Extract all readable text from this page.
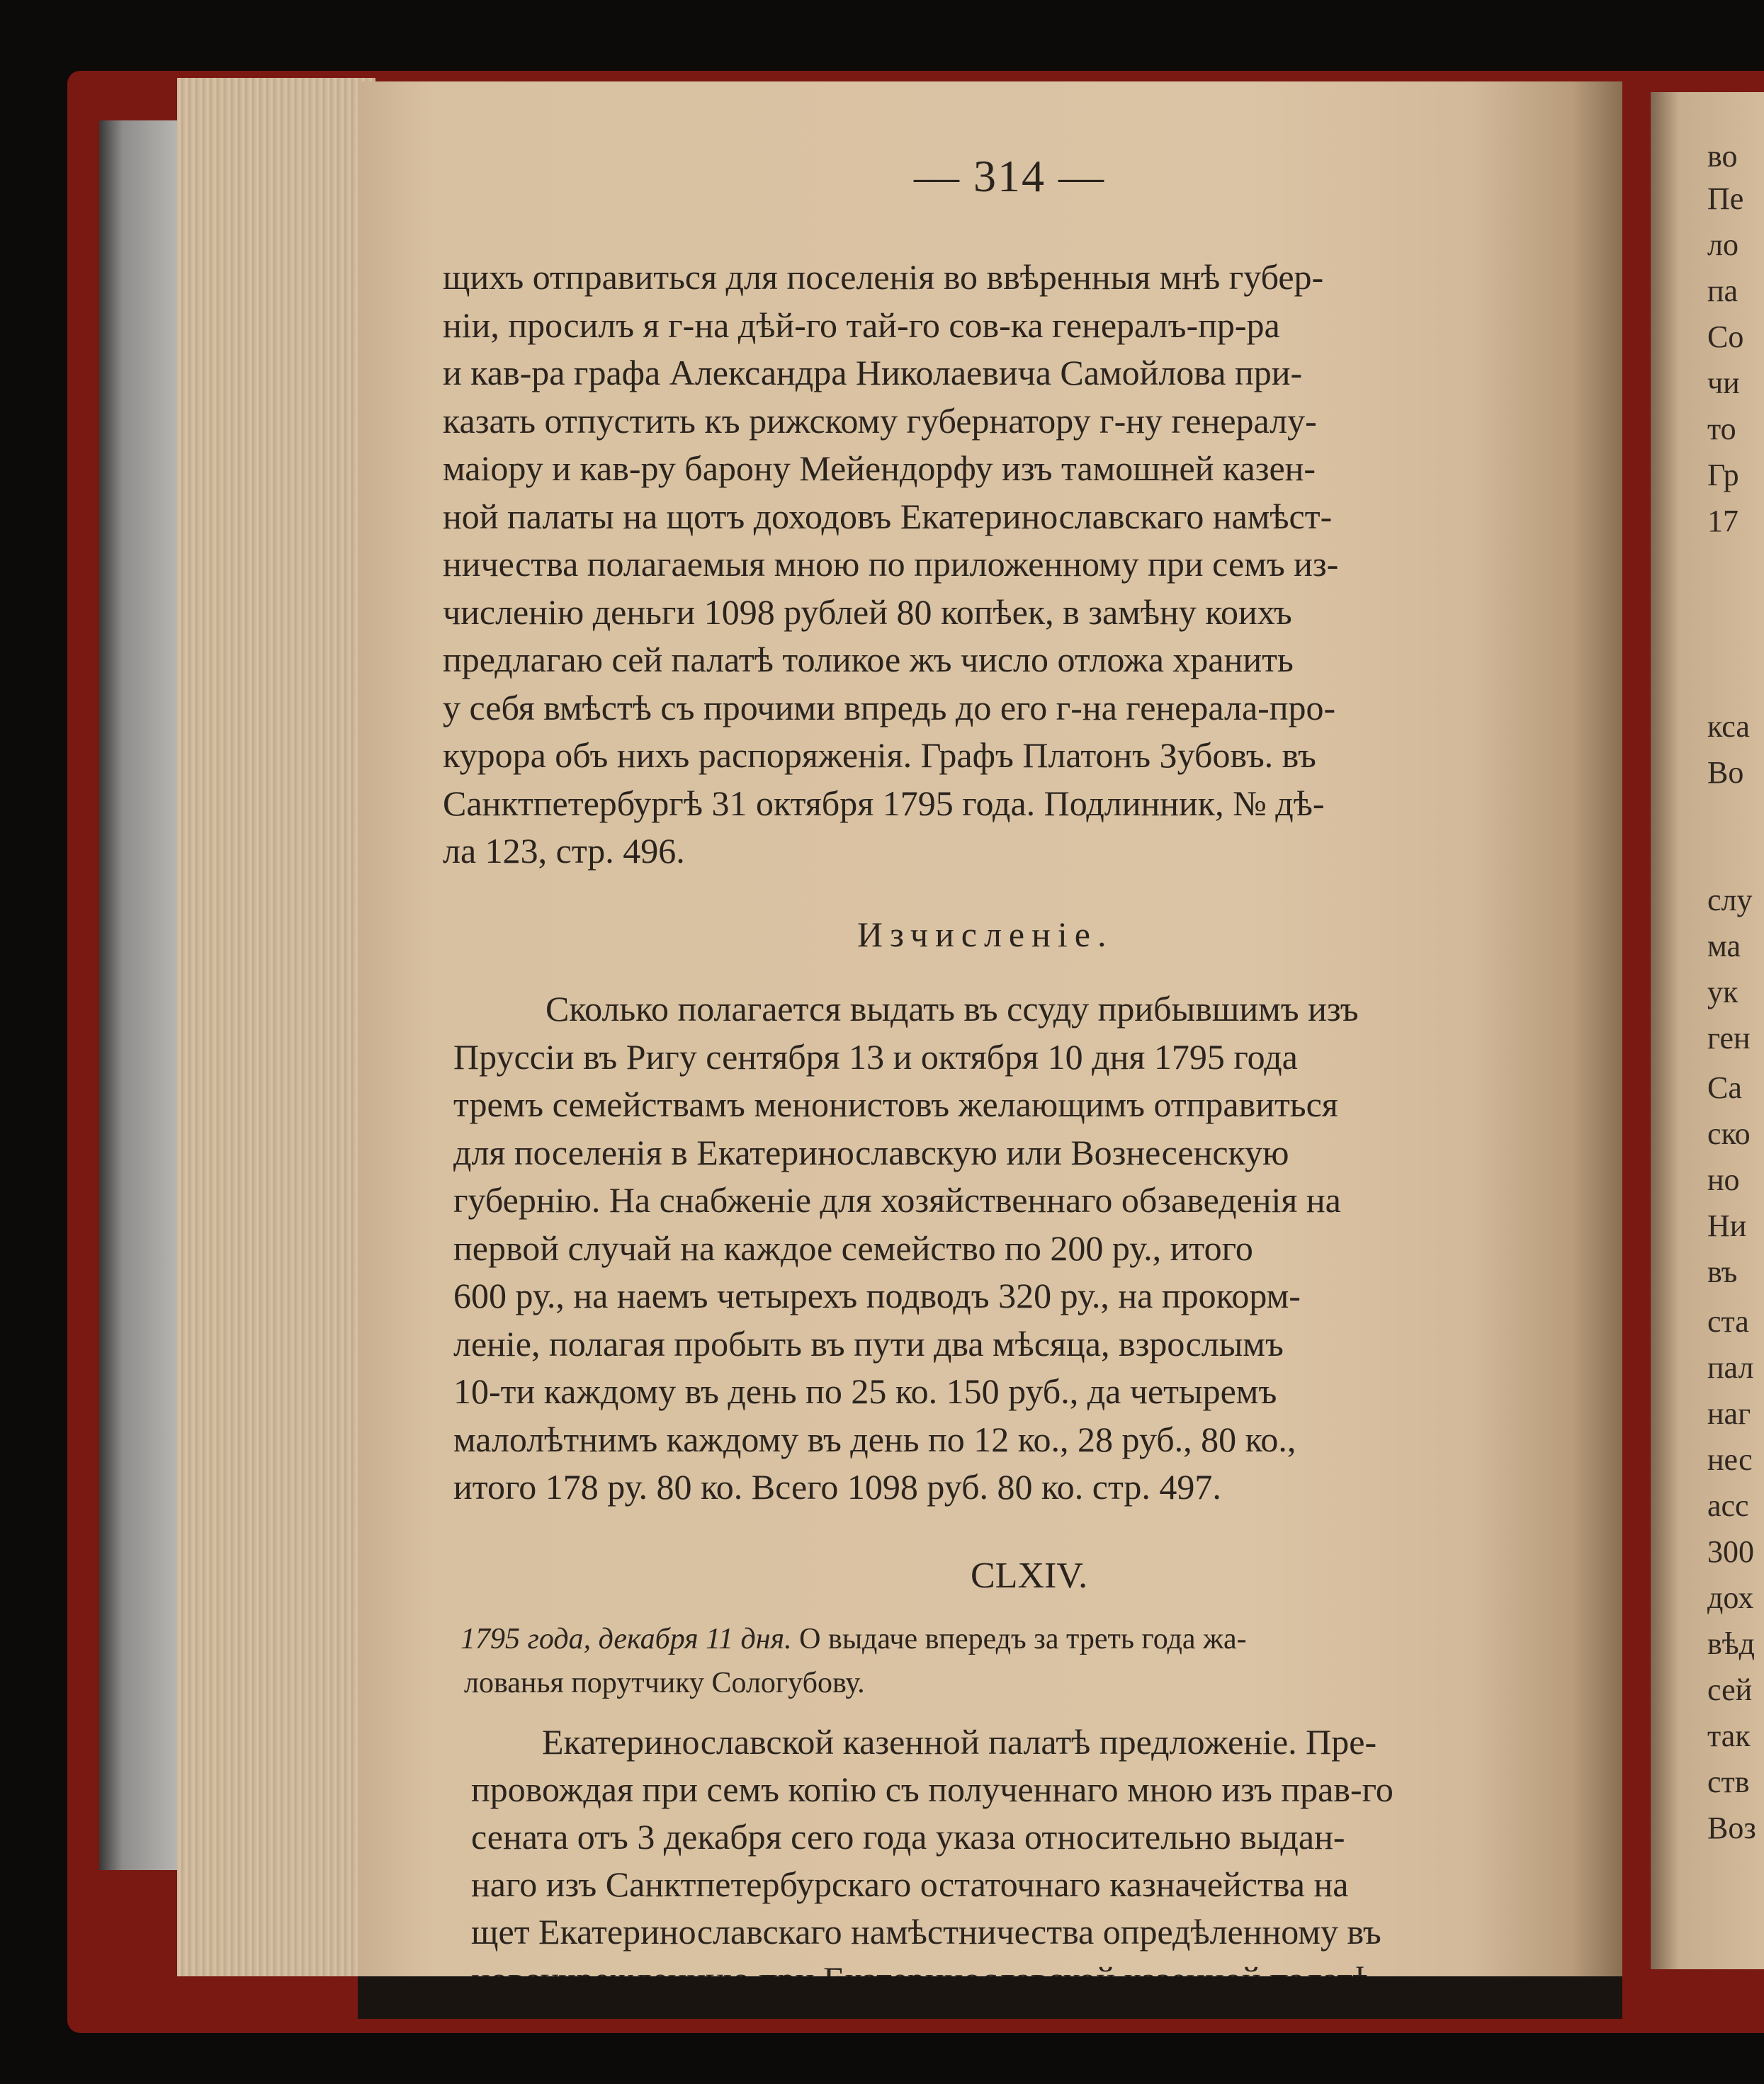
во
Пе
ло
па
Со
чи
то
Гр
17
кса
Во
слу
ма
ук
ген
Са
ско
но
Ни
въ
ста
пал
наг
нес
асс
300
дох
вѣд
сей
так
ств
Воз
— 314 —
щихъ отправиться для поселенія во ввѣренныя мнѣ губер-
ніи, просилъ я г-на дѣй-го тай-го сов-ка генералъ-пр-ра
и кав-ра графа Александра Николаевича Самойлова при-
казать отпустить къ рижскому губернатору г-ну генералу-
маіору и кав-ру барону Мейендорфу изъ тамошней казен-
ной палаты на щотъ доходовъ Екатеринославскаго намѣст-
ничества полагаемыя мною по приложенному при семъ из-
численію деньги 1098 рублей 80 копѣек, в замѣну коихъ
предлагаю сей палатѣ толикое жъ число отложа хранить
у себя вмѣстѣ съ прочими впредь до его г-на генерала-про-
курора объ нихъ распоряженія. Графъ Платонъ Зубовъ. въ
Санктпетербургѣ 31 октября 1795 года. Подлинник, № дѣ-
ла 123, стр. 496.
Изчисленіе.
Сколько полагается выдать въ ссуду прибывшимъ изъ
Пруссіи въ Ригу сентября 13 и октября 10 дня 1795 года
тремъ семействамъ менонистовъ желающимъ отправиться
для поселенія в Екатеринославскую или Вознесенскую
губернію. На снабженіе для хозяйственнаго обзаведенія на
первой случай на каждое семейство по 200 ру., итого
600 ру., на наемъ четырехъ подводъ 320 ру., на прокорм-
леніе, полагая пробыть въ пути два мѣсяца, взрослымъ
10-ти каждому въ день по 25 ко. 150 руб., да четыремъ
малолѣтнимъ каждому въ день по 12 ко., 28 руб., 80 ко.,
итого 178 ру. 80 ко. Всего 1098 руб. 80 ко. стр. 497.
CLXIV.
1795 года, декабря 11 дня. О выдаче впередъ за треть года жа-
лованья порутчику Сологубову.
Екатеринославской казенной палатѣ предложеніе. Пре-
провождая при семъ копію съ полученнаго мною изъ прав-го
сената отъ 3 декабря сего года указа относительно выдан-
наго изъ Санктпетербурскаго остаточнаго казначейства на
щет Екатеринославскаго намѣстничества опредѣленному въ
